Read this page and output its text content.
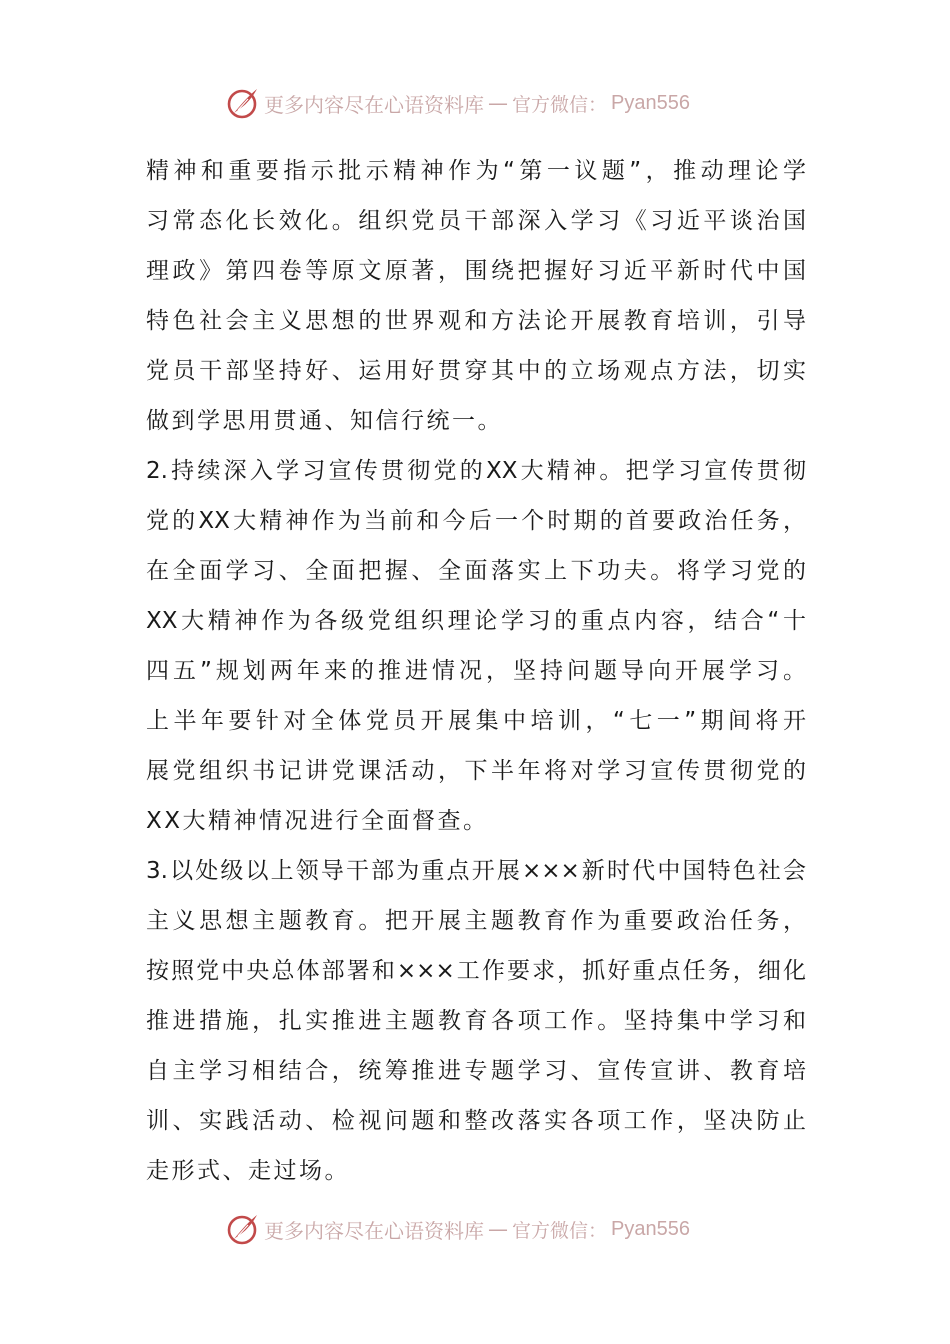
更多内容尽在心语资料库 — 官方微信： Pyan556
精神和重要指示批示精神作为“第一议题”，推动理论学
习常态化长效化。组织党员干部深入学习《习近平谈治国
理政》第四卷等原文原著，围绕把握好习近平新时代中国
特色社会主义思想的世界观和方法论开展教育培训，引导
党员干部坚持好、运用好贯穿其中的立场观点方法，切实
做到学思用贯通、知信行统一。
2.持续深入学习宣传贯彻党的XX大精神。把学习宣传贯彻
党的XX大精神作为当前和今后一个时期的首要政治任务，
在全面学习、全面把握、全面落实上下功夫。将学习党的
XX大精神作为各级党组织理论学习的重点内容，结合“十
四五”规划两年来的推进情况，坚持问题导向开展学习。
上半年要针对全体党员开展集中培训，“七一”期间将开
展党组织书记讲党课活动，下半年将对学习宣传贯彻党的
XX大精神情况进行全面督查。
3.以处级以上领导干部为重点开展×××新时代中国特色社会
主义思想主题教育。把开展主题教育作为重要政治任务，
按照党中央总体部署和×××工作要求，抓好重点任务，细化
推进措施，扎实推进主题教育各项工作。坚持集中学习和
自主学习相结合，统筹推进专题学习、宣传宣讲、教育培
训、实践活动、检视问题和整改落实各项工作，坚决防止
走形式、走过场。
更多内容尽在心语资料库 — 官方微信： Pyan556
